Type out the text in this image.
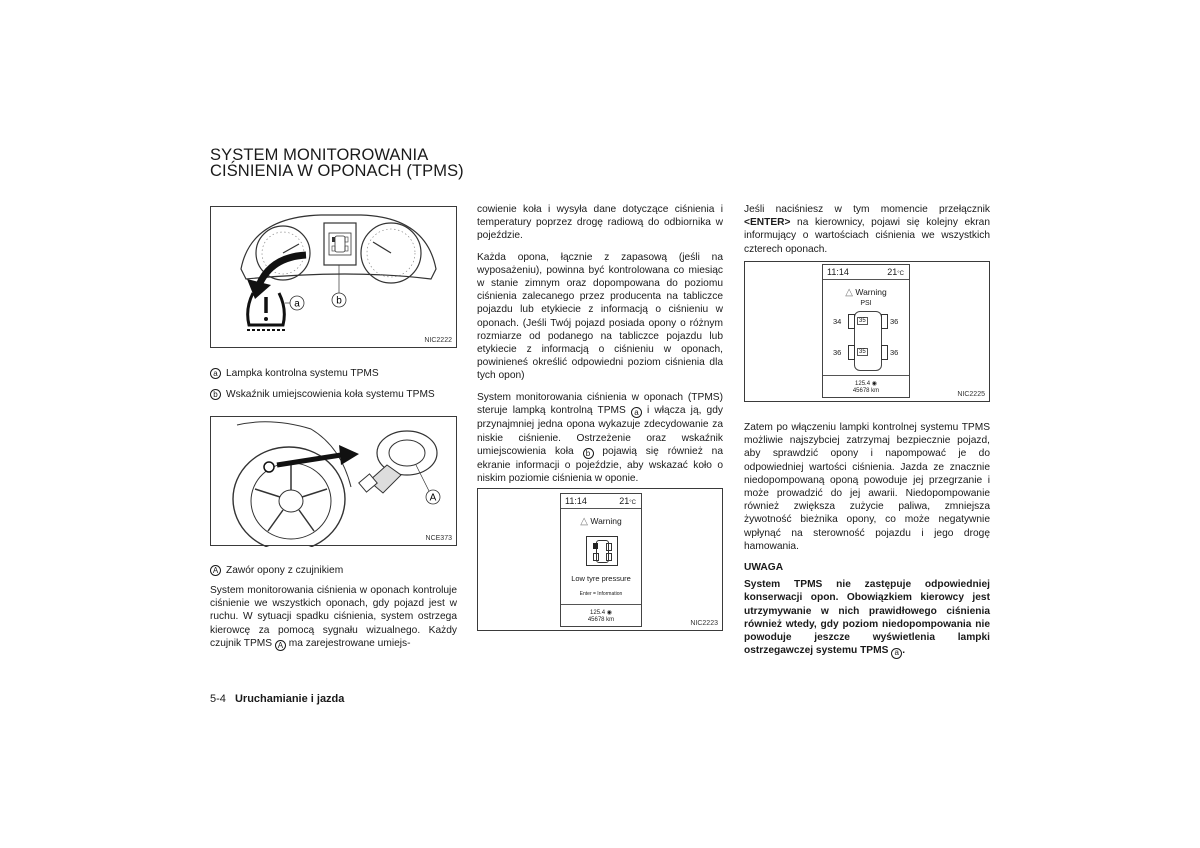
SYSTEM MONITOROWANIA
CIŚNIENIA W OPONACH (TPMS)
a	b
NIC2222
a Lampka kontrolna systemu TPMS
b Wskaźnik umiejscowienia koła systemu TPMS
A
NCE373
A Zawór opony z czujnikiem

System monitorowania ciśnienia w oponach kontroluje ciśnienie we wszystkich oponach, gdy pojazd jest w ruchu. W sytuacji spadku ciśnienia, system ostrzega kierowcę za pomocą sygnału wizualnego. Każdy czujnik TPMS A ma zarejestrowane umiejs-

cowienie koła i wysyła dane dotyczące ciśnienia i temperatury poprzez drogę radiową do odbiornika w pojeździe.

Każda opona, łącznie z zapasową (jeśli na wyposażeniu), powinna być kontrolowana co miesiąc w stanie zimnym oraz dopompowana do poziomu ciśnienia zalecanego przez producenta na tabliczce pojazdu lub etykiecie z informacją o ciśnieniu w oponach. (Jeśli Twój pojazd posiada opony o różnym rozmiarze od podanego na tabliczce pojazdu lub etykiecie z informacją o ciśnieniu w oponach, powinieneś określić odpowiedni poziom ciśnienia dla tych opon)

System monitorowania ciśnienia w oponach (TPMS) steruje lampką kontrolną TPMS a i włącza ją, gdy przynajmniej jedna opona wykazuje zdecydowanie za niskie ciśnienie. Ostrzeżenie oraz wskaźnik umiejscowienia koła b pojawią się również na ekranie informacji o pojeździe, aby wskazać koło o niskim poziomie ciśnienia w oponie.

11:14	21°C
△ Warning
Low tyre pressure
Enter = Information
125.4 ◉
45678 km	NIC2223

Jeśli naciśniesz w tym momencie przełącznik <ENTER> na kierownicy, pojawi się kolejny ekran informujący o wartościach ciśnienia we wszystkich czterech oponach.

11:14	21°C
△ Warning
PSI
34	35	36
36	35	36
125.4 ◉
45678 km	NIC2225

Zatem po włączeniu lampki kontrolnej systemu TPMS możliwie najszybciej zatrzymaj bezpiecznie pojazd, aby sprawdzić opony i napompować je do odpowiedniej wartości ciśnienia. Jazda ze znacznie niedopompowaną oponą powoduje jej przegrzanie i może prowadzić do jej awarii. Niedopompowanie również zwiększa zużycie paliwa, zmniejsza żywotność bieżnika opony, co może negatywnie wpłynąć na sterowność pojazdu i jego drogę hamowania.

UWAGA

System TPMS nie zastępuje odpowiedniej konserwacji opon. Obowiązkiem kierowcy jest utrzymywanie w nich prawidłowego ciśnienia również wtedy, gdy poziom niedopompowania nie powoduje jeszcze wyświetlenia lampki ostrzegawczej systemu TPMS a .

5-4 Uruchamianie i jazda
